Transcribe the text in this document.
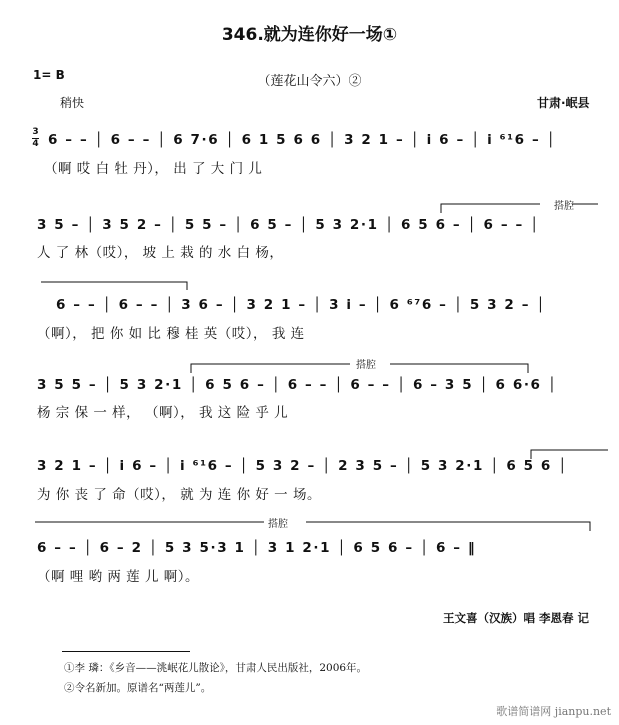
346.就为连你好一场①
1= B	（莲花山令六）②
稍快	甘肃·岷县
3
4 6 – – │ 6 – – │ 6 7·6 │ 6 1 5 6 6 │ 3 2 1 – │ i 6 – │ i ⁶¹6 – │
（啊 哎 白 牡 丹）， 出 了 大 门 儿
搭腔
3 5 – │ 3 5 2 – │ 5 5 – │ 6 5 – │ 5 3 2·1 │ 6 5 6 – │ 6 – – │
人 了 林（哎）， 坡 上 栽 的 水 白 杨，
6 – – │ 6 – – │ 3 6 – │ 3 2 1 – │ 3 i – │ 6 ⁶⁷6 – │ 5 3 2 – │
（啊）， 把 你 如 比 穆 桂 英（哎）， 我 连
搭腔
3 5 5 – │ 5 3 2·1 │ 6 5 6 – │ 6 – – │ 6 – – │ 6 – 3 5 │ 6 6·6 │
杨 宗 保 一 样， （啊）， 我 这 险 乎 儿
3 2 1 – │ i 6 – │ i ⁶¹6 – │ 5 3 2 – │ 2 3 5 – │ 5 3 2·1 │ 6 5 6 │
为 你 丧 了 命（哎）， 就 为 连 你 好 一 场。
搭腔
6 – – │ 6 – 2 │ 5 3 5·3 1 │ 3 1 2·1 │ 6 5 6 – │ 6 – ‖
（啊 哩 哟 两 莲 儿 啊）。
王文喜（汉族）唱 李恩春 记
①李 璘：《乡音——洮岷花儿散论》，甘肃人民出版社，2006年。
②令名新加。原谱名“两莲儿”。
歌谱简谱网 jianpu.net
